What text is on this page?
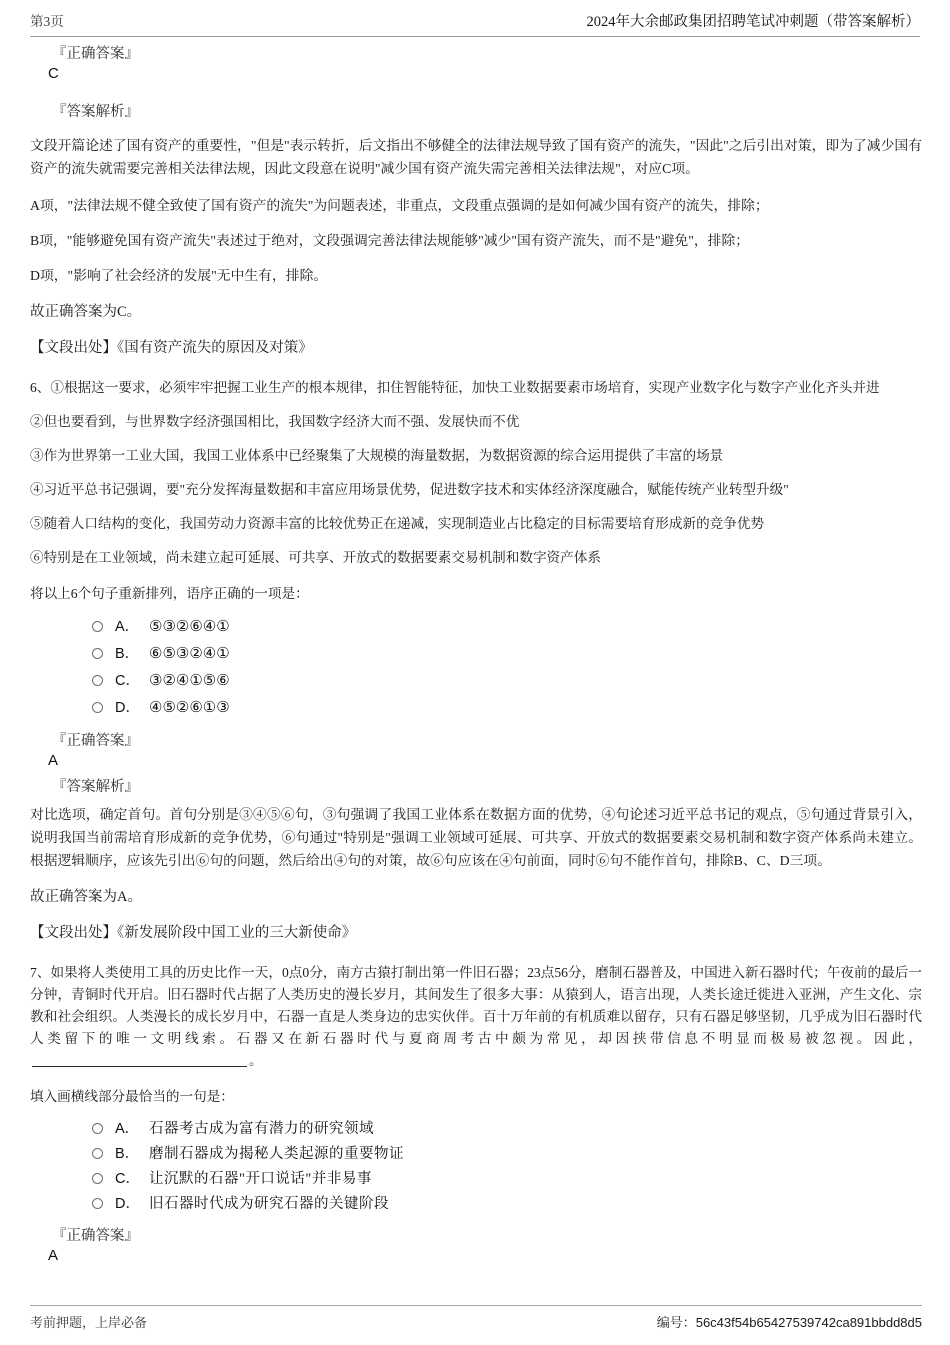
第3页	2024年大余邮政集团招聘笔试冲刺题（带答案解析）
『正确答案』
C
『答案解析』
文段开篇论述了国有资产的重要性，"但是"表示转折，后文指出不够健全的法律法规导致了国有资产的流失，"因此"之后引出对策，即为了减少国有资产的流失就需要完善相关法律法规，因此文段意在说明"减少国有资产流失需完善相关法律法规"，对应C项。
A项，"法律法规不健全致使了国有资产的流失"为问题表述，非重点，文段重点强调的是如何减少国有资产的流失，排除；
B项，"能够避免国有资产流失"表述过于绝对，文段强调完善法律法规能够"减少"国有资产流失，而不是"避免"，排除；
D项，"影响了社会经济的发展"无中生有，排除。
故正确答案为C。
【文段出处】《国有资产流失的原因及对策》
6、①根据这一要求，必须牢牢把握工业生产的根本规律，扣住智能特征，加快工业数据要素市场培育，实现产业数字化与数字产业化齐头并进
②但也要看到，与世界数字经济强国相比，我国数字经济大而不强、发展快而不优
③作为世界第一工业大国，我国工业体系中已经聚集了大规模的海量数据，为数据资源的综合运用提供了丰富的场景
④习近平总书记强调，要"充分发挥海量数据和丰富应用场景优势，促进数字技术和实体经济深度融合，赋能传统产业转型升级"
⑤随着人口结构的变化，我国劳动力资源丰富的比较优势正在递减，实现制造业占比稳定的目标需要培育形成新的竞争优势
⑥特别是在工业领域，尚未建立起可延展、可共享、开放式的数据要素交易机制和数字资产体系
将以上6个句子重新排列，语序正确的一项是：
A． ⑤③②⑥④①
B． ⑥⑤③②④①
C． ③②④①⑤⑥
D． ④⑤②⑥①③
『正确答案』
A
『答案解析』
对比选项，确定首句。首句分别是③④⑤⑥句，③句强调了我国工业体系在数据方面的优势，④句论述习近平总书记的观点，⑤句通过背景引入，说明我国当前需培育形成新的竞争优势，⑥句通过"特别是"强调工业领域可延展、可共享、开放式的数据要素交易机制和数字资产体系尚未建立。根据逻辑顺序，应该先引出⑥句的问题，然后给出④句的对策，故⑥句应该在④句前面，同时⑥句不能作首句，排除B、C、D三项。
故正确答案为A。
【文段出处】《新发展阶段中国工业的三大新使命》
7、如果将人类使用工具的历史比作一天，0点0分，南方古猿打制出第一件旧石器；23点56分，磨制石器普及，中国进入新石器时代；午夜前的最后一分钟，青铜时代开启。旧石器时代占据了人类历史的漫长岁月，其间发生了很多大事：从猿到人，语言出现，人类长途迁徙进入亚洲，产生文化、宗教和社会组织。人类漫长的成长岁月中，石器一直是人类身边的忠实伙伴。百十万年前的有机质难以留存，只有石器足够坚韧，几乎成为旧石器时代人类留下的唯一文明线索。石器又在新石器时代与夏商周考古中颇为常见，却因挟带信息不明显而极易被忽视。因此，。
填入画横线部分最恰当的一句是：
A． 石器考古成为富有潜力的研究领域
B． 磨制石器成为揭秘人类起源的重要物证
C． 让沉默的石器"开口说话"并非易事
D． 旧石器时代成为研究石器的关键阶段
『正确答案』
A
考前押题，上岸必备	编号：56c43f54b65427539742ca891bbdd8d5
